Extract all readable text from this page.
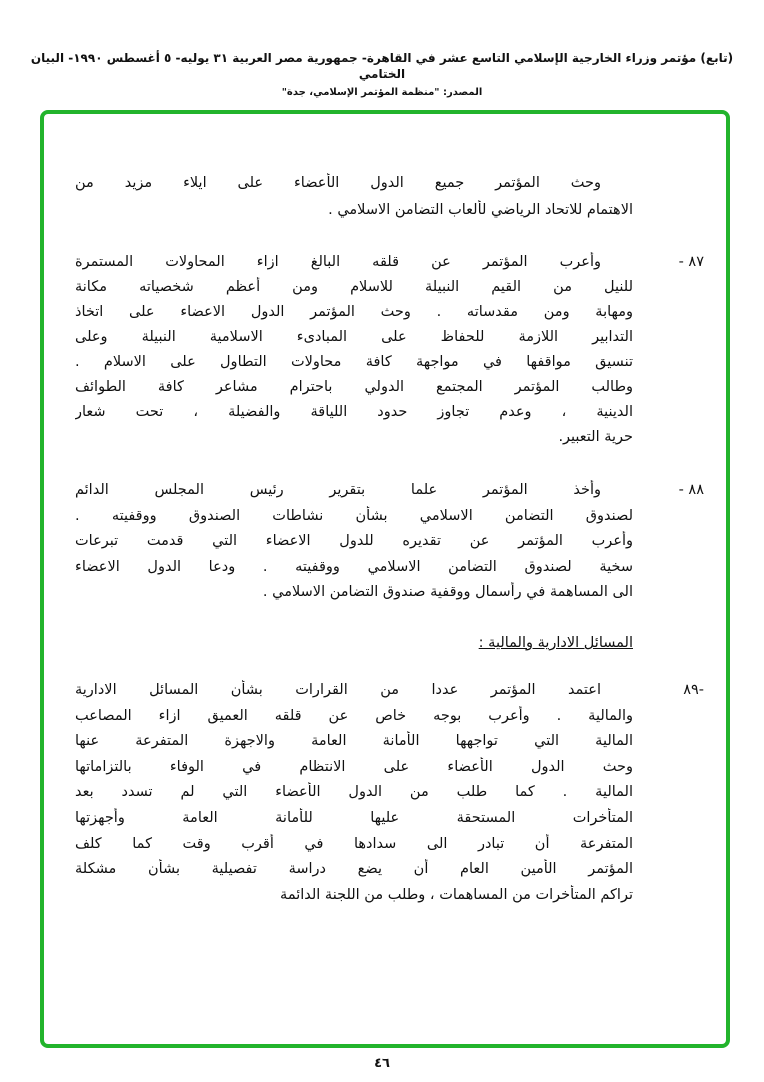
(تابع) مؤتمر وزراء الخارجية الإسلامي التاسع عشر في القاهرة- جمهورية مصر العربية ٣١ يوليه- ٥ أغسطس ١٩٩٠- البيان الختامي
المصدر: "منظمة المؤتمر الإسلامي، جدة"
وحث المؤتمر جميع الدول الأعضاء على ايلاء مزيد من
الاهتمام للاتحاد الرياضي لألعاب التضامن الاسلامي .
٨٧ -
وأعرب المؤتمر عن قلقه البالغ ازاء المحاولات المستمرة
للنيل من القيم النبيلة للاسلام ومن أعظم شخصياته مكانة
ومهابة ومن مقدساته . وحث المؤتمر الدول الاعضاء على اتخاذ
التدابير اللازمة للحفاظ على المبادىء الاسلامية النبيلة وعلى
تنسيق مواقفها في مواجهة كافة محاولات التطاول على الاسلام .
وطالب المؤتمر المجتمع الدولي باحترام مشاعر كافة الطوائف
الدينية ، وعدم تجاوز حدود اللياقة والفضيلة ، تحت شعار
حرية التعبير.
٨٨ -
وأخذ المؤتمر علما بتقرير رئيس المجلس الدائم
لصندوق التضامن الاسلامي بشأن نشاطات الصندوق ووقفيته .
وأعرب المؤتمر عن تقديره للدول الاعضاء التي قدمت تبرعات
سخية لصندوق التضامن الاسلامي ووقفيته . ودعا الدول الاعضاء
الى المساهمة في رأسمال ووقفية صندوق التضامن الاسلامي .
-٨٩
اعتمد المؤتمر عددا من القرارات بشأن المسائل الادارية
والمالية . وأعرب بوجه خاص عن قلقه العميق ازاء المصاعب
المالية التي تواجهها الأمانة العامة والاجهزة المتفرعة عنها
وحث الدول الأعضاء على الانتظام في الوفاء بالتزاماتها
المالية . كما طلب من الدول الأعضاء التي لم تسدد بعد
المتأخرات المستحقة عليها للأمانة العامة وأجهزتها
المتفرعة أن تبادر الى سدادها في أقرب وقت كما كلف
المؤتمر الأمين العام أن يضع دراسة تفصيلية بشأن مشكلة
تراكم المتأخرات من المساهمات ، وطلب من اللجنة الدائمة
المسائل الادارية والمالية :
٤٦
